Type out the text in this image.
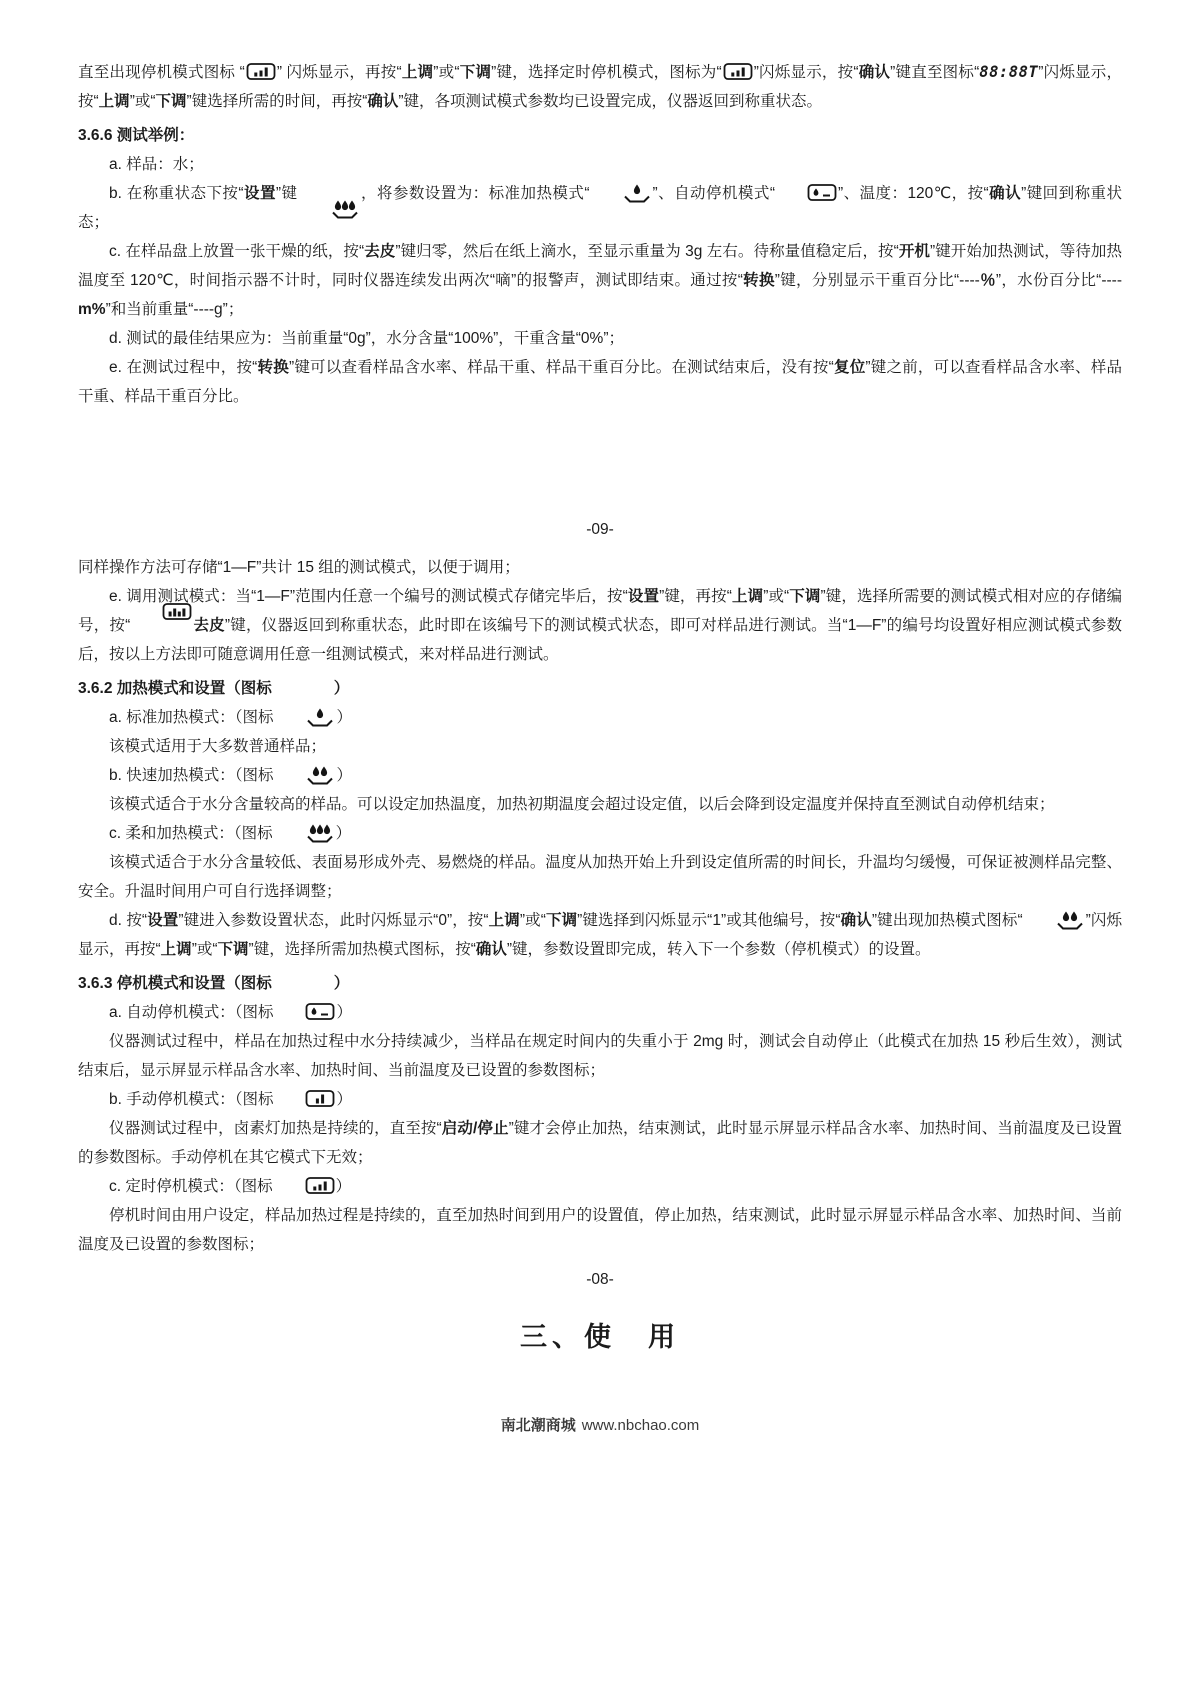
直至出现停机模式图标 “ ” 闪烁显示，再按“上调”或“下调”键，选择定时停机模式，图标为“ ”闪烁显示，按“确认”键直至图标“88:88T”闪烁显示，按“上调”或“下调”键选择所需的时间，再按“确认”键，各项测试模式参数均已设置完成，仪器返回到称重状态。

3.6.6 测试举例：

a. 样品：水；

b. 在称重状态下按“设置”键	，将参数设置为：标准加热模式“	”、自动停机模式“	”、温度：120℃，按“确认”键回到称重状态；

c. 在样品盘上放置一张干燥的纸，按“去皮”键归零，然后在纸上滴水，至显示重量为 3g 左右。待称量值稳定后，按“开机”键开始加热测试，等待加热温度至 120℃，时间指示器不计时，同时仪器连续发出两次“嘀”的报警声，测试即结束。通过按“转换”键，分别显示干重百分比“----％”，水份百分比“----m%”和当前重量“----g”；

d. 测试的最佳结果应为：当前重量“0g”，水分含量“100%”，干重含量“0%”；

e. 在测试过程中，按“转换”键可以查看样品含水率、样品干重、样品干重百分比。在测试结束后，没有按“复位”键之前，可以查看样品含水率、样品干重、样品干重百分比。

-09-

同样操作方法可存储“1—F”共计 15 组的测试模式，以便于调用；

e. 调用测试模式：当“1—F”范围内任意一个编号的测试模式存储完毕后，按“设置”键，再按“上调”或“下调”键，选择所需要的测试模式相对应的存储编号，按“	去皮”键，仪器返回到称重状态，此时即在该编号下的测试模式状态，即可对样品进行测试。当“1—F”的编号均设置好相应测试模式参数后，按以上方法即可随意调用任意一组测试模式，来对样品进行测试。

3.6.2 加热模式和设置（图标　　　　）

a. 标准加热模式：（图标	）

该模式适用于大多数普通样品；

b. 快速加热模式：（图标	）

该模式适合于水分含量较高的样品。可以设定加热温度，加热初期温度会超过设定值，以后会降到设定温度并保持直至测试自动停机结束；

c. 柔和加热模式：（图标	）

该模式适合于水分含量较低、表面易形成外壳、易燃烧的样品。温度从加热开始上升到设定值所需的时间长，升温均匀缓慢，可保证被测样品完整、安全。升温时间用户可自行选择调整；

d. 按“设置”键进入参数设置状态，此时闪烁显示“0”，按“上调”或“下调”键选择到闪烁显示“1”或其他编号，按“确认”键出现加热模式图标“	”闪烁显示，再按“上调”或“下调”键，选择所需加热模式图标，按“确认”键，参数设置即完成，转入下一个参数（停机模式）的设置。

3.6.3 停机模式和设置（图标　　　　）

a. 自动停机模式：（图标	）

仪器测试过程中，样品在加热过程中水分持续减少，当样品在规定时间内的失重小于 2mg 时，测试会自动停止（此模式在加热 15 秒后生效），测试结束后，显示屏显示样品含水率、加热时间、当前温度及已设置的参数图标；

b. 手动停机模式：（图标	）

仪器测试过程中，卤素灯加热是持续的，直至按“启动/停止”键才会停止加热，结束测试，此时显示屏显示样品含水率、加热时间、当前温度及已设置的参数图标。手动停机在其它模式下无效；

c. 定时停机模式：（图标	）

停机时间由用户设定，样品加热过程是持续的，直至加热时间到用户的设置值，停止加热，结束测试，此时显示屏显示样品含水率、加热时间、当前温度及已设置的参数图标；

-08-
三、使　用
南北潮商城 www.nbchao.com
